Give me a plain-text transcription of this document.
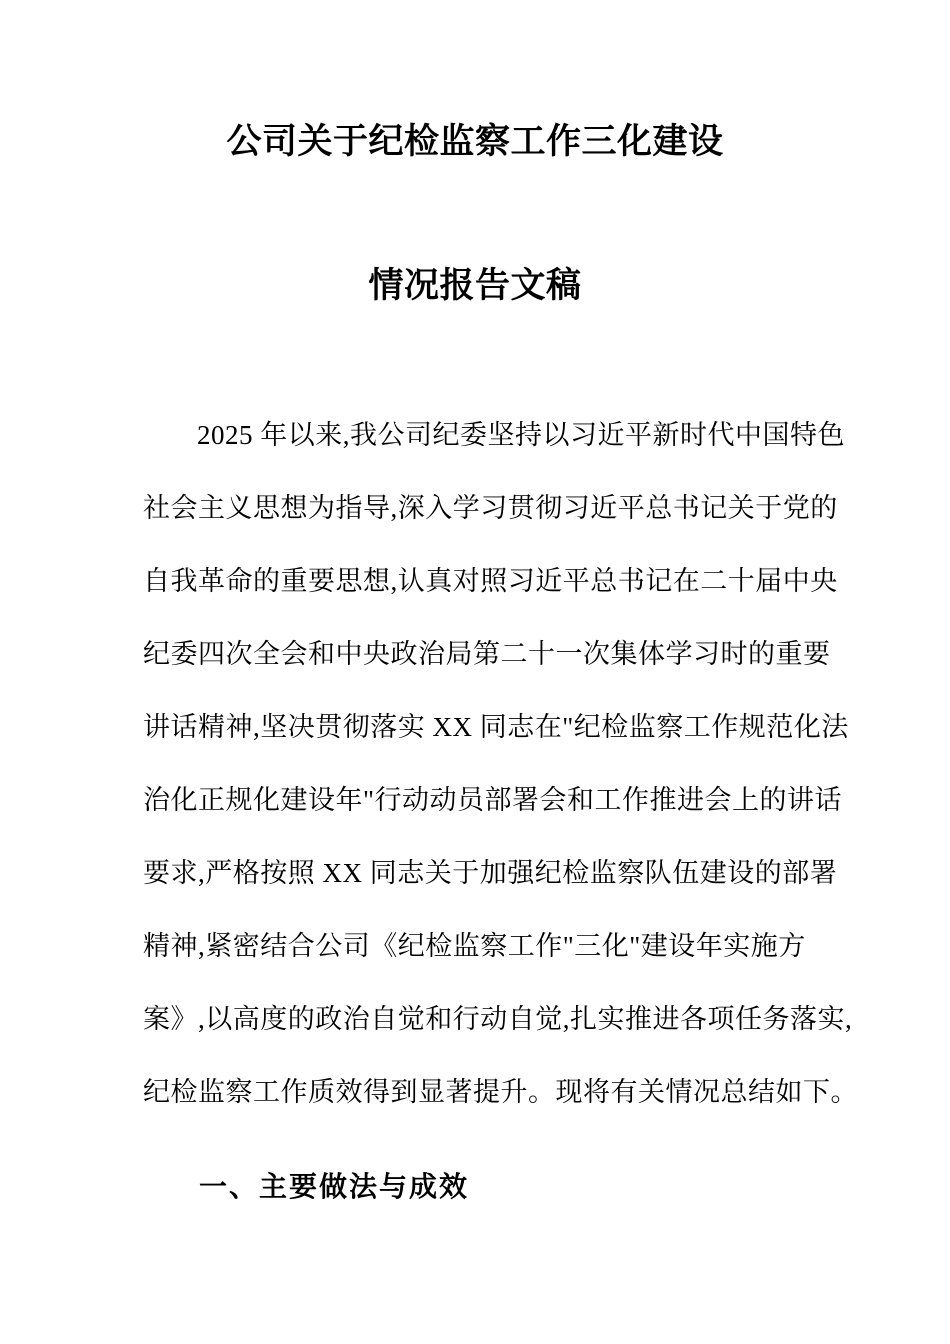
公司关于纪检监察工作三化建设
情况报告文稿
2025 年以来,我公司纪委坚持以习近平新时代中国特色
社会主义思想为指导,深入学习贯彻习近平总书记关于党的
自我革命的重要思想,认真对照习近平总书记在二十届中央
纪委四次全会和中央政治局第二十一次集体学习时的重要
讲话精神,坚决贯彻落实 XX 同志在"纪检监察工作规范化法
治化正规化建设年"行动动员部署会和工作推进会上的讲话
要求,严格按照 XX 同志关于加强纪检监察队伍建设的部署
精神,紧密结合公司《纪检监察工作"三化"建设年实施方
案》,以高度的政治自觉和行动自觉,扎实推进各项任务落实,
纪检监察工作质效得到显著提升。现将有关情况总结如下。
一、主要做法与成效
